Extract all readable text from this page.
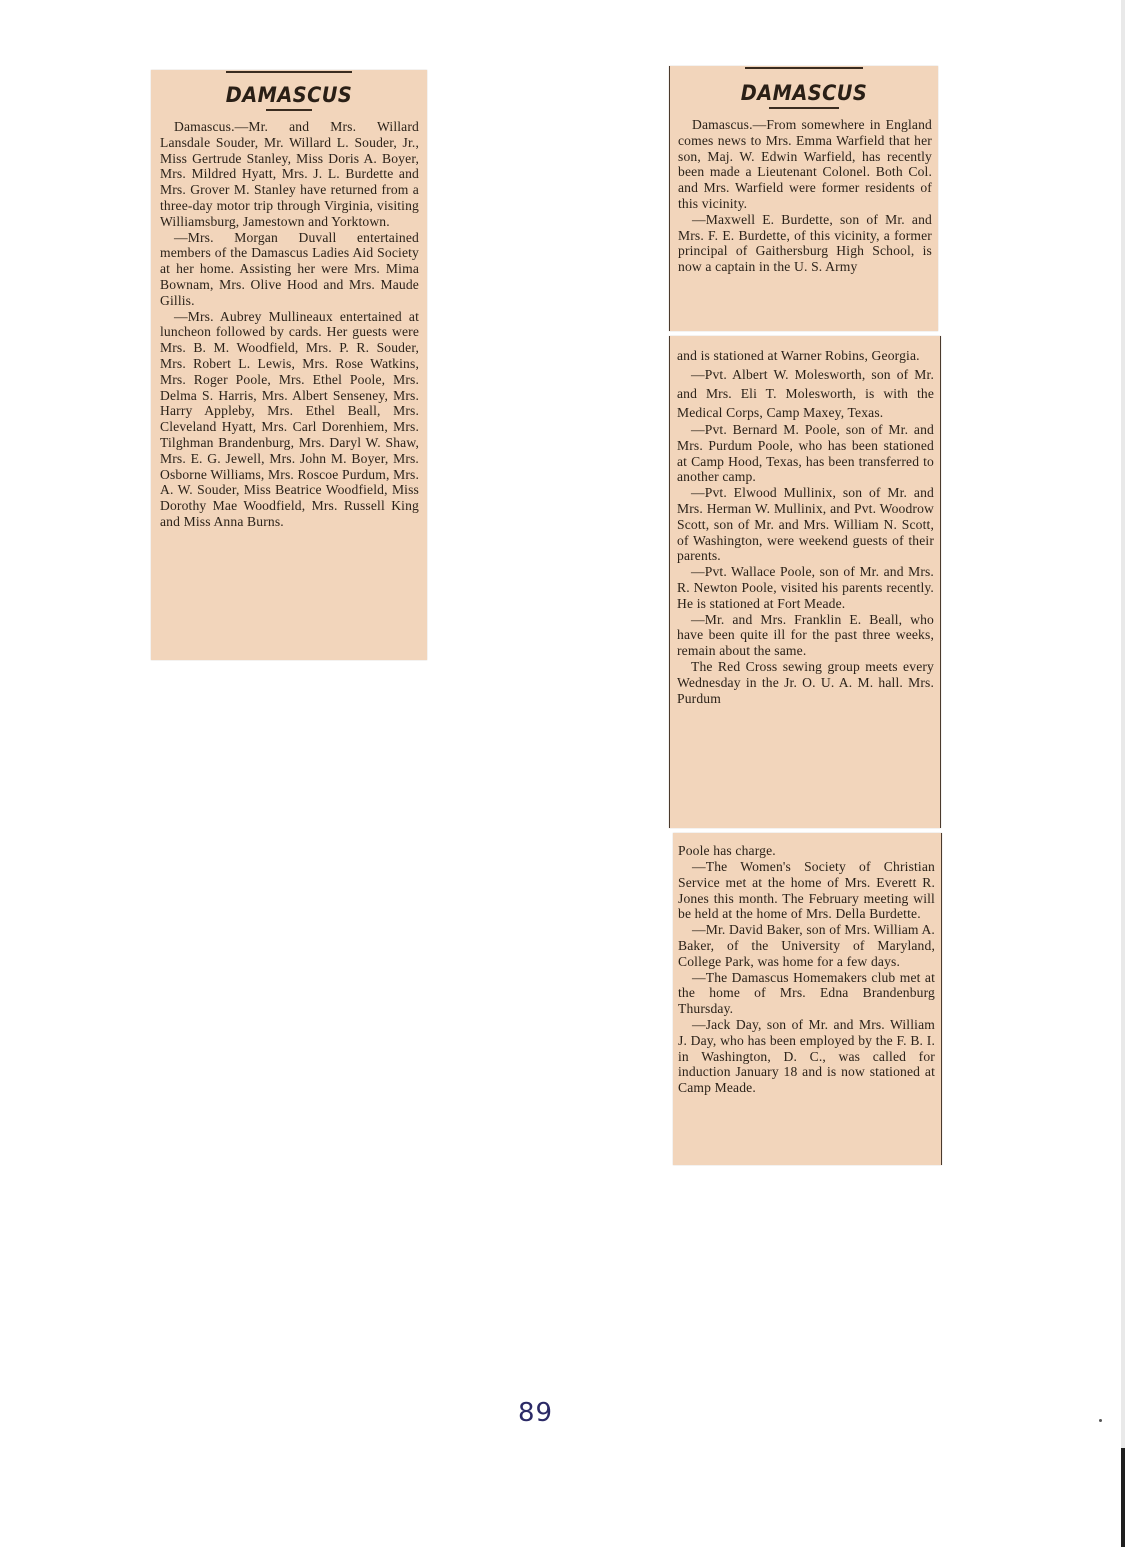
DAMASCUS

Damascus.—Mr. and Mrs. Willard Lansdale Souder, Mr. Willard L. Souder, Jr., Miss Gertrude Stanley, Miss Doris A. Boyer, Mrs. Mildred Hyatt, Mrs. J. L. Burdette and Mrs. Grover M. Stanley have returned from a three-day motor trip through Virginia, visiting Williamsburg, Jamestown and Yorktown.

—Mrs. Morgan Duvall entertained members of the Damascus Ladies Aid Society at her home. Assisting her were Mrs. Mima Bownam, Mrs. Olive Hood and Mrs. Maude Gillis.

—Mrs. Aubrey Mullineaux entertained at luncheon followed by cards. Her guests were Mrs. B. M. Woodfield, Mrs. P. R. Souder, Mrs. Robert L. Lewis, Mrs. Rose Watkins, Mrs. Roger Poole, Mrs. Ethel Poole, Mrs. Delma S. Harris, Mrs. Albert Senseney, Mrs. Harry Appleby, Mrs. Ethel Beall, Mrs. Cleveland Hyatt, Mrs. Carl Dorenhiem, Mrs. Tilghman Brandenburg, Mrs. Daryl W. Shaw, Mrs. E. G. Jewell, Mrs. John M. Boyer, Mrs. Osborne Williams, Mrs. Roscoe Purdum, Mrs. A. W. Souder, Miss Beatrice Woodfield, Miss Dorothy Mae Woodfield, Mrs. Russell King and Miss Anna Burns.

DAMASCUS

Damascus.—From somewhere in England comes news to Mrs. Emma Warfield that her son, Maj. W. Edwin Warfield, has recently been made a Lieutenant Colonel. Both Col. and Mrs. Warfield were former residents of this vicinity.

—Maxwell E. Burdette, son of Mr. and Mrs. F. E. Burdette, of this vicinity, a former principal of Gaithersburg High School, is now a captain in the U. S. Army

and is stationed at Warner Robins, Georgia.

—Pvt. Albert W. Molesworth, son of Mr. and Mrs. Eli T. Molesworth, is with the Medical Corps, Camp Maxey, Texas.

—Pvt. Bernard M. Poole, son of Mr. and Mrs. Purdum Poole, who has been stationed at Camp Hood, Texas, has been transferred to another camp.

—Pvt. Elwood Mullinix, son of Mr. and Mrs. Herman W. Mullinix, and Pvt. Woodrow Scott, son of Mr. and Mrs. William N. Scott, of Washington, were weekend guests of their parents.

—Pvt. Wallace Poole, son of Mr. and Mrs. R. Newton Poole, visited his parents recently. He is stationed at Fort Meade.

—Mr. and Mrs. Franklin E. Beall, who have been quite ill for the past three weeks, remain about the same.

The Red Cross sewing group meets every Wednesday in the Jr. O. U. A. M. hall. Mrs. Purdum

Poole has charge.

—The Women's Society of Christian Service met at the home of Mrs. Everett R. Jones this month. The February meeting will be held at the home of Mrs. Della Burdette.

—Mr. David Baker, son of Mrs. William A. Baker, of the University of Maryland, College Park, was home for a few days.

—The Damascus Homemakers club met at the home of Mrs. Edna Brandenburg Thursday.

—Jack Day, son of Mr. and Mrs. William J. Day, who has been employed by the F. B. I. in Washington, D. C., was called for induction January 18 and is now stationed at Camp Meade.

89
